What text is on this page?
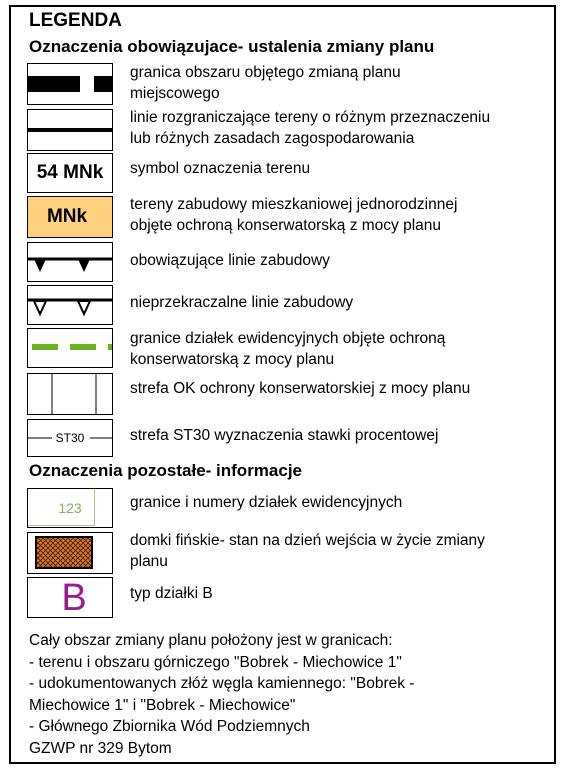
LEGENDA
Oznaczenia obowiązujace- ustalenia zmiany planu
granica obszaru objętego zmianą planu
miejscowego
linie rozgraniczające tereny o różnym przeznaczeniu
lub różnych zasadach zagospodarowania
54 MNk	symbol oznaczenia terenu
MNk
tereny zabudowy mieszkaniowej jednorodzinnej
objęte ochroną konserwatorską z mocy planu
obowiązujące linie zabudowy
nieprzekraczalne linie zabudowy
granice działek ewidencyjnych objęte ochroną
konserwatorską z mocy planu
strefa OK ochrony konserwatorskiej z mocy planu
ST30	strefa ST30 wyznaczenia stawki procentowej
Oznaczenia pozostałe- informacje
123	granice i numery działek ewidencyjnych
domki fińskie- stan na dzień wejścia w życie zmiany
planu
B	typ działki B
Cały obszar zmiany planu położony jest w granicach:
- terenu i obszaru górniczego "Bobrek - Miechowice 1"
- udokumentowanych złóż węgla kamiennego: "Bobrek -
Miechowice 1" i "Bobrek - Miechowice"
- Głównego Zbiornika Wód Podziemnych
GZWP nr 329 Bytom
